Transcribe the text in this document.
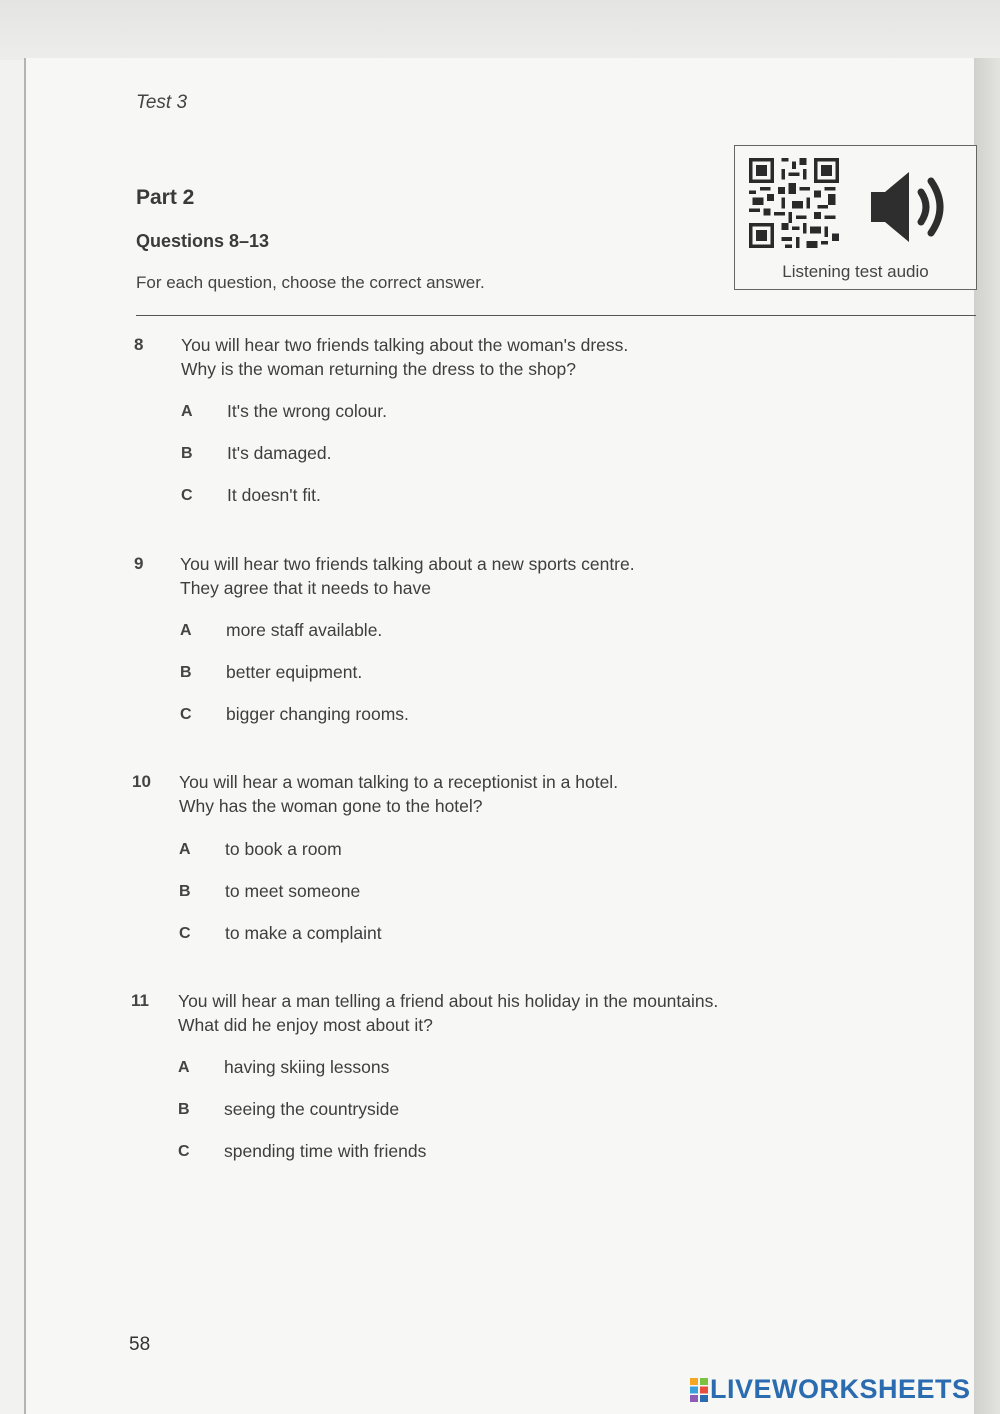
Test 3
Part 2
Questions 8–13
For each question, choose the correct answer.
Listening test audio
8 You will hear two friends talking about the woman's dress.
Why is the woman returning the dress to the shop?
A It's the wrong colour.
B It's damaged.
C It doesn't fit.
9 You will hear two friends talking about a new sports centre.
They agree that it needs to have
A more staff available.
B better equipment.
C bigger changing rooms.
10 You will hear a woman talking to a receptionist in a hotel.
Why has the woman gone to the hotel?
A to book a room
B to meet someone
C to make a complaint
11 You will hear a man telling a friend about his holiday in the mountains.
What did he enjoy most about it?
A having skiing lessons
B seeing the countryside
C spending time with friends
58
LIVEWORKSHEETS
